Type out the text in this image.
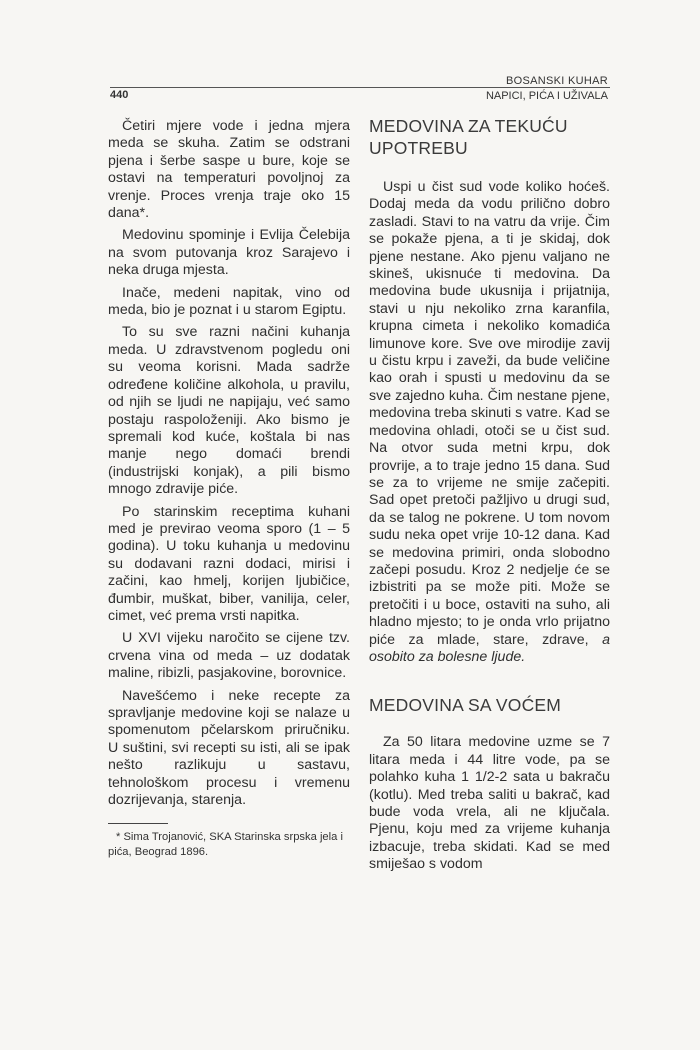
BOSANSKI KUHAR
440	NAPICI, PIĆA I UŽIVALA

Četiri mjere vode i jedna mjera meda se skuha. Zatim se odstrani pjena i šerbe saspe u bure, koje se ostavi na temperaturi povoljnoj za vrenje. Proces vrenja traje oko 15 dana*.

Medovinu spominje i Evlija Čelebija na svom putovanja kroz Sarajevo i neka druga mjesta.

Inače, medeni napitak, vino od meda, bio je poznat i u starom Egiptu.

To su sve razni načini kuhanja meda. U zdravstvenom pogledu oni su veoma korisni. Mada sadrže određene količine alkohola, u pravilu, od njih se ljudi ne napijaju, već samo postaju raspoloženiji. Ako bismo je spremali kod kuće, koštala bi nas manje nego domaći brendi (industrijski konjak), a pili bismo mnogo zdravije piće.

Po starinskim receptima kuhani med je previrao veoma sporo (1 – 5 godina). U toku kuhanja u medovinu su dodavani razni dodaci, mirisi i začini, kao hmelj, korijen ljubičice, đumbir, muškat, biber, vanilija, celer, cimet, već prema vrsti napitka.

U XVI vijeku naročito se cijene tzv. crvena vina od meda – uz dodatak maline, ribizli, pasjakovine, borovnice.

Navešćemo i neke recepte za spravljanje medovine koji se nalaze u spomenutom pčelarskom priručniku. U suštini, svi recepti su isti, ali se ipak nešto razlikuju u sastavu, tehnološkom procesu i vremenu dozrijevanja, starenja.

* Sima Trojanović, SKA Starinska srpska jela i pića, Beograd 1896.

MEDOVINA ZA TEKUĆU UPOTREBU

Uspi u čist sud vode koliko hoćeš. Dodaj meda da vodu prilično dobro zasladi. Stavi to na vatru da vrije. Čim se pokaže pjena, a ti je skidaj, dok pjene nestane. Ako pjenu valjano ne skineš, ukisnuće ti medovina. Da medovina bude ukusnija i prijatnija, stavi u nju nekoliko zrna karanfila, krupna cimeta i nekoliko komadića limunove kore. Sve ove mirodije zavij u čistu krpu i zaveži, da bude veličine kao orah i spusti u medovinu da se sve zajedno kuha. Čim nestane pjene, medovina treba skinuti s vatre. Kad se medovina ohladi, otoči se u čist sud. Na otvor suda metni krpu, dok provrije, a to traje jedno 15 dana. Sud se za to vrijeme ne smije začepiti. Sad opet pretoči pažljivo u drugi sud, da se talog ne pokrene. U tom novom sudu neka opet vrije 10-12 dana. Kad se medovina primiri, onda slobodno začepi posudu. Kroz 2 nedjelje će se izbistriti pa se može piti. Može se pretočiti i u boce, ostaviti na suho, ali hladno mjesto; to je onda vrlo prijatno piće za mlade, stare, zdrave, a osobito za bolesne ljude.

MEDOVINA SA VOĆEM

Za 50 litara medovine uzme se 7 litara meda i 44 litre vode, pa se polahko kuha 1 1/2-2 sata u bakraču (kotlu). Med treba saliti u bakrač, kad bude voda vrela, ali ne ključala. Pjenu, koju med za vrijeme kuhanja izbacuje, treba skidati. Kad se med smiješao s vodom
